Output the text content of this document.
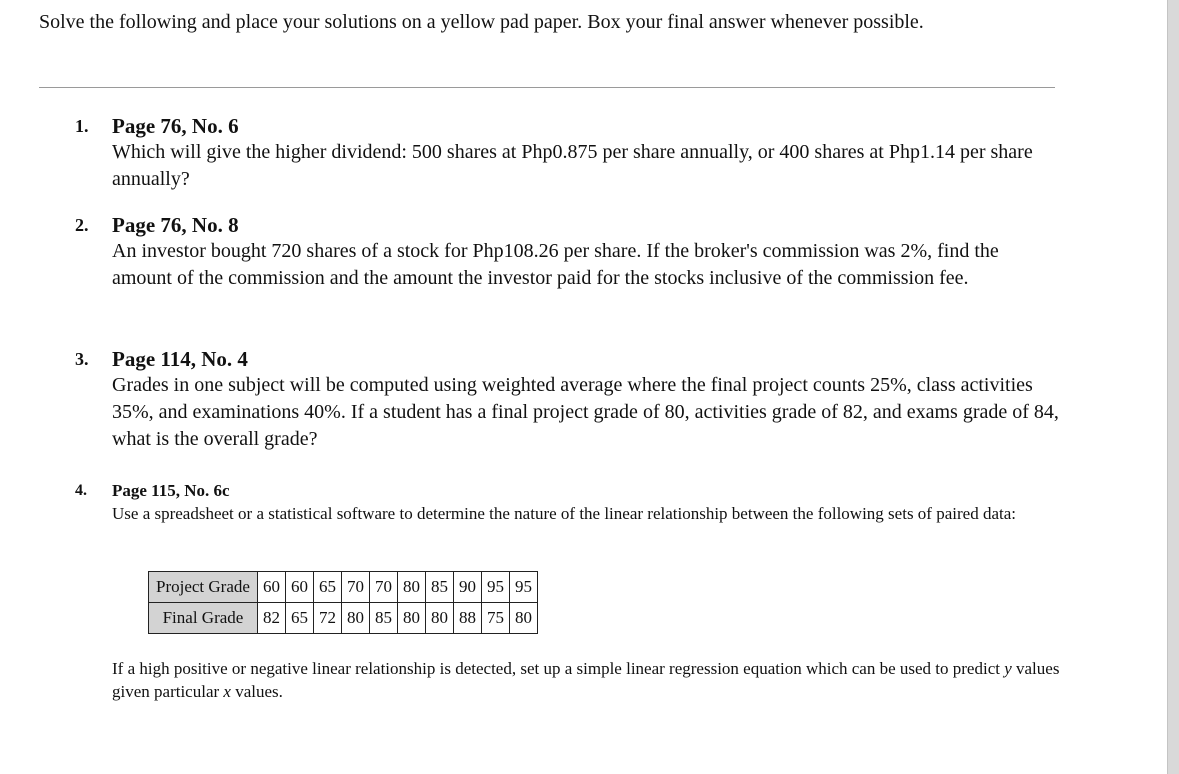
Solve the following and place your solutions on a yellow pad paper. Box your final answer whenever possible.
1.	Page 76, No. 6
Which will give the higher dividend: 500 shares at Php0.875 per share annually, or 400 shares at Php1.14 per share annually?
2.	Page 76, No. 8
An investor bought 720 shares of a stock for Php108.26 per share. If the broker's commission was 2%, find the amount of the commission and the amount the investor paid for the stocks inclusive of the commission fee.
3.	Page 114, No. 4
Grades in one subject will be computed using weighted average where the final project counts 25%, class activities 35%, and examinations 40%. If a student has a final project grade of 80, activities grade of 82, and exams grade of 84, what is the overall grade?
4.	Page 115, No. 6c
Use a spreadsheet or a statistical software to determine the nature of the linear relationship between the following sets of paired data:
Project Grade	60	60	65	70	70	80	85	90	95	95
Final Grade	82	65	72	80	85	80	80	88	75	80
If a high positive or negative linear relationship is detected, set up a simple linear regression equation which can be used to predict y values given particular x values.
